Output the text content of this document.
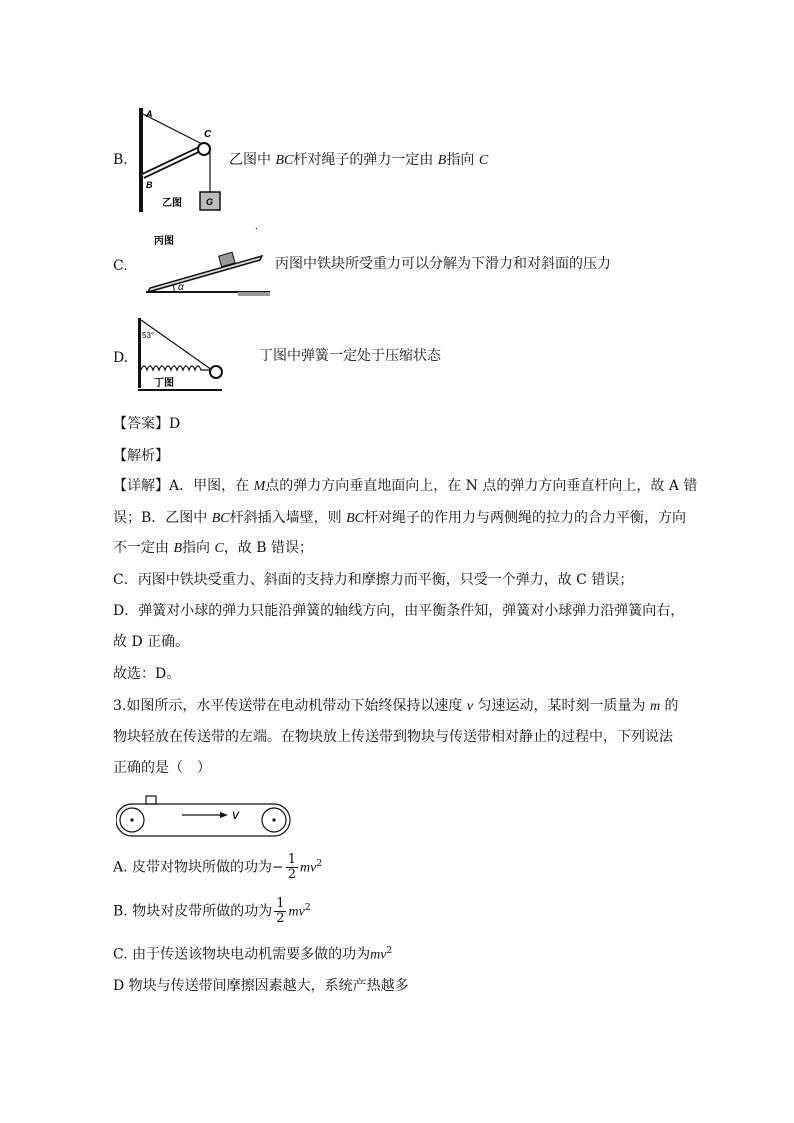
B.
A
C
B
G
乙图
乙图中 BC杆对绳子的弹力一定由 B指向 C
C.
α
丙图
丙图中铁块所受重力可以分解为下滑力和对斜面的压力
D.
53°
丁图
丁图中弹簧一定处于压缩状态
【答案】D
【解析】
【详解】A．甲图，在 M点的弹力方向垂直地面向上，在 N 点的弹力方向垂直杆向上，故 A 错
误；B．乙图中 BC杆斜插入墙壁，则 BC杆对绳子的作用力与两侧绳的拉力的合力平衡，方向
不一定由 B指向 C，故 B 错误；
C．丙图中铁块受重力、斜面的支持力和摩擦力而平衡，只受一个弹力，故 C 错误；
D．弹簧对小球的弹力只能沿弹簧的轴线方向，由平衡条件知，弹簧对小球弹力沿弹簧向右，
故 D 正确。
故选：D。
3.如图所示，水平传送带在电动机带动下始终保持以速度 v 匀速运动，某时刻一质量为 m 的
物块轻放在传送带的左端。在物块放上传送带到物块与传送带相对静止的过程中，下列说法
正确的是（　）
v
A. 皮带对物块所做的功为− $\frac{1}{2} mv^2$
B. 物块对皮带所做的功为 $\frac{1}{2} mv^2$
C. 由于传送该物块电动机需要多做的功为$mv^2$
D 物块与传送带间摩擦因素越大，系统产热越多
